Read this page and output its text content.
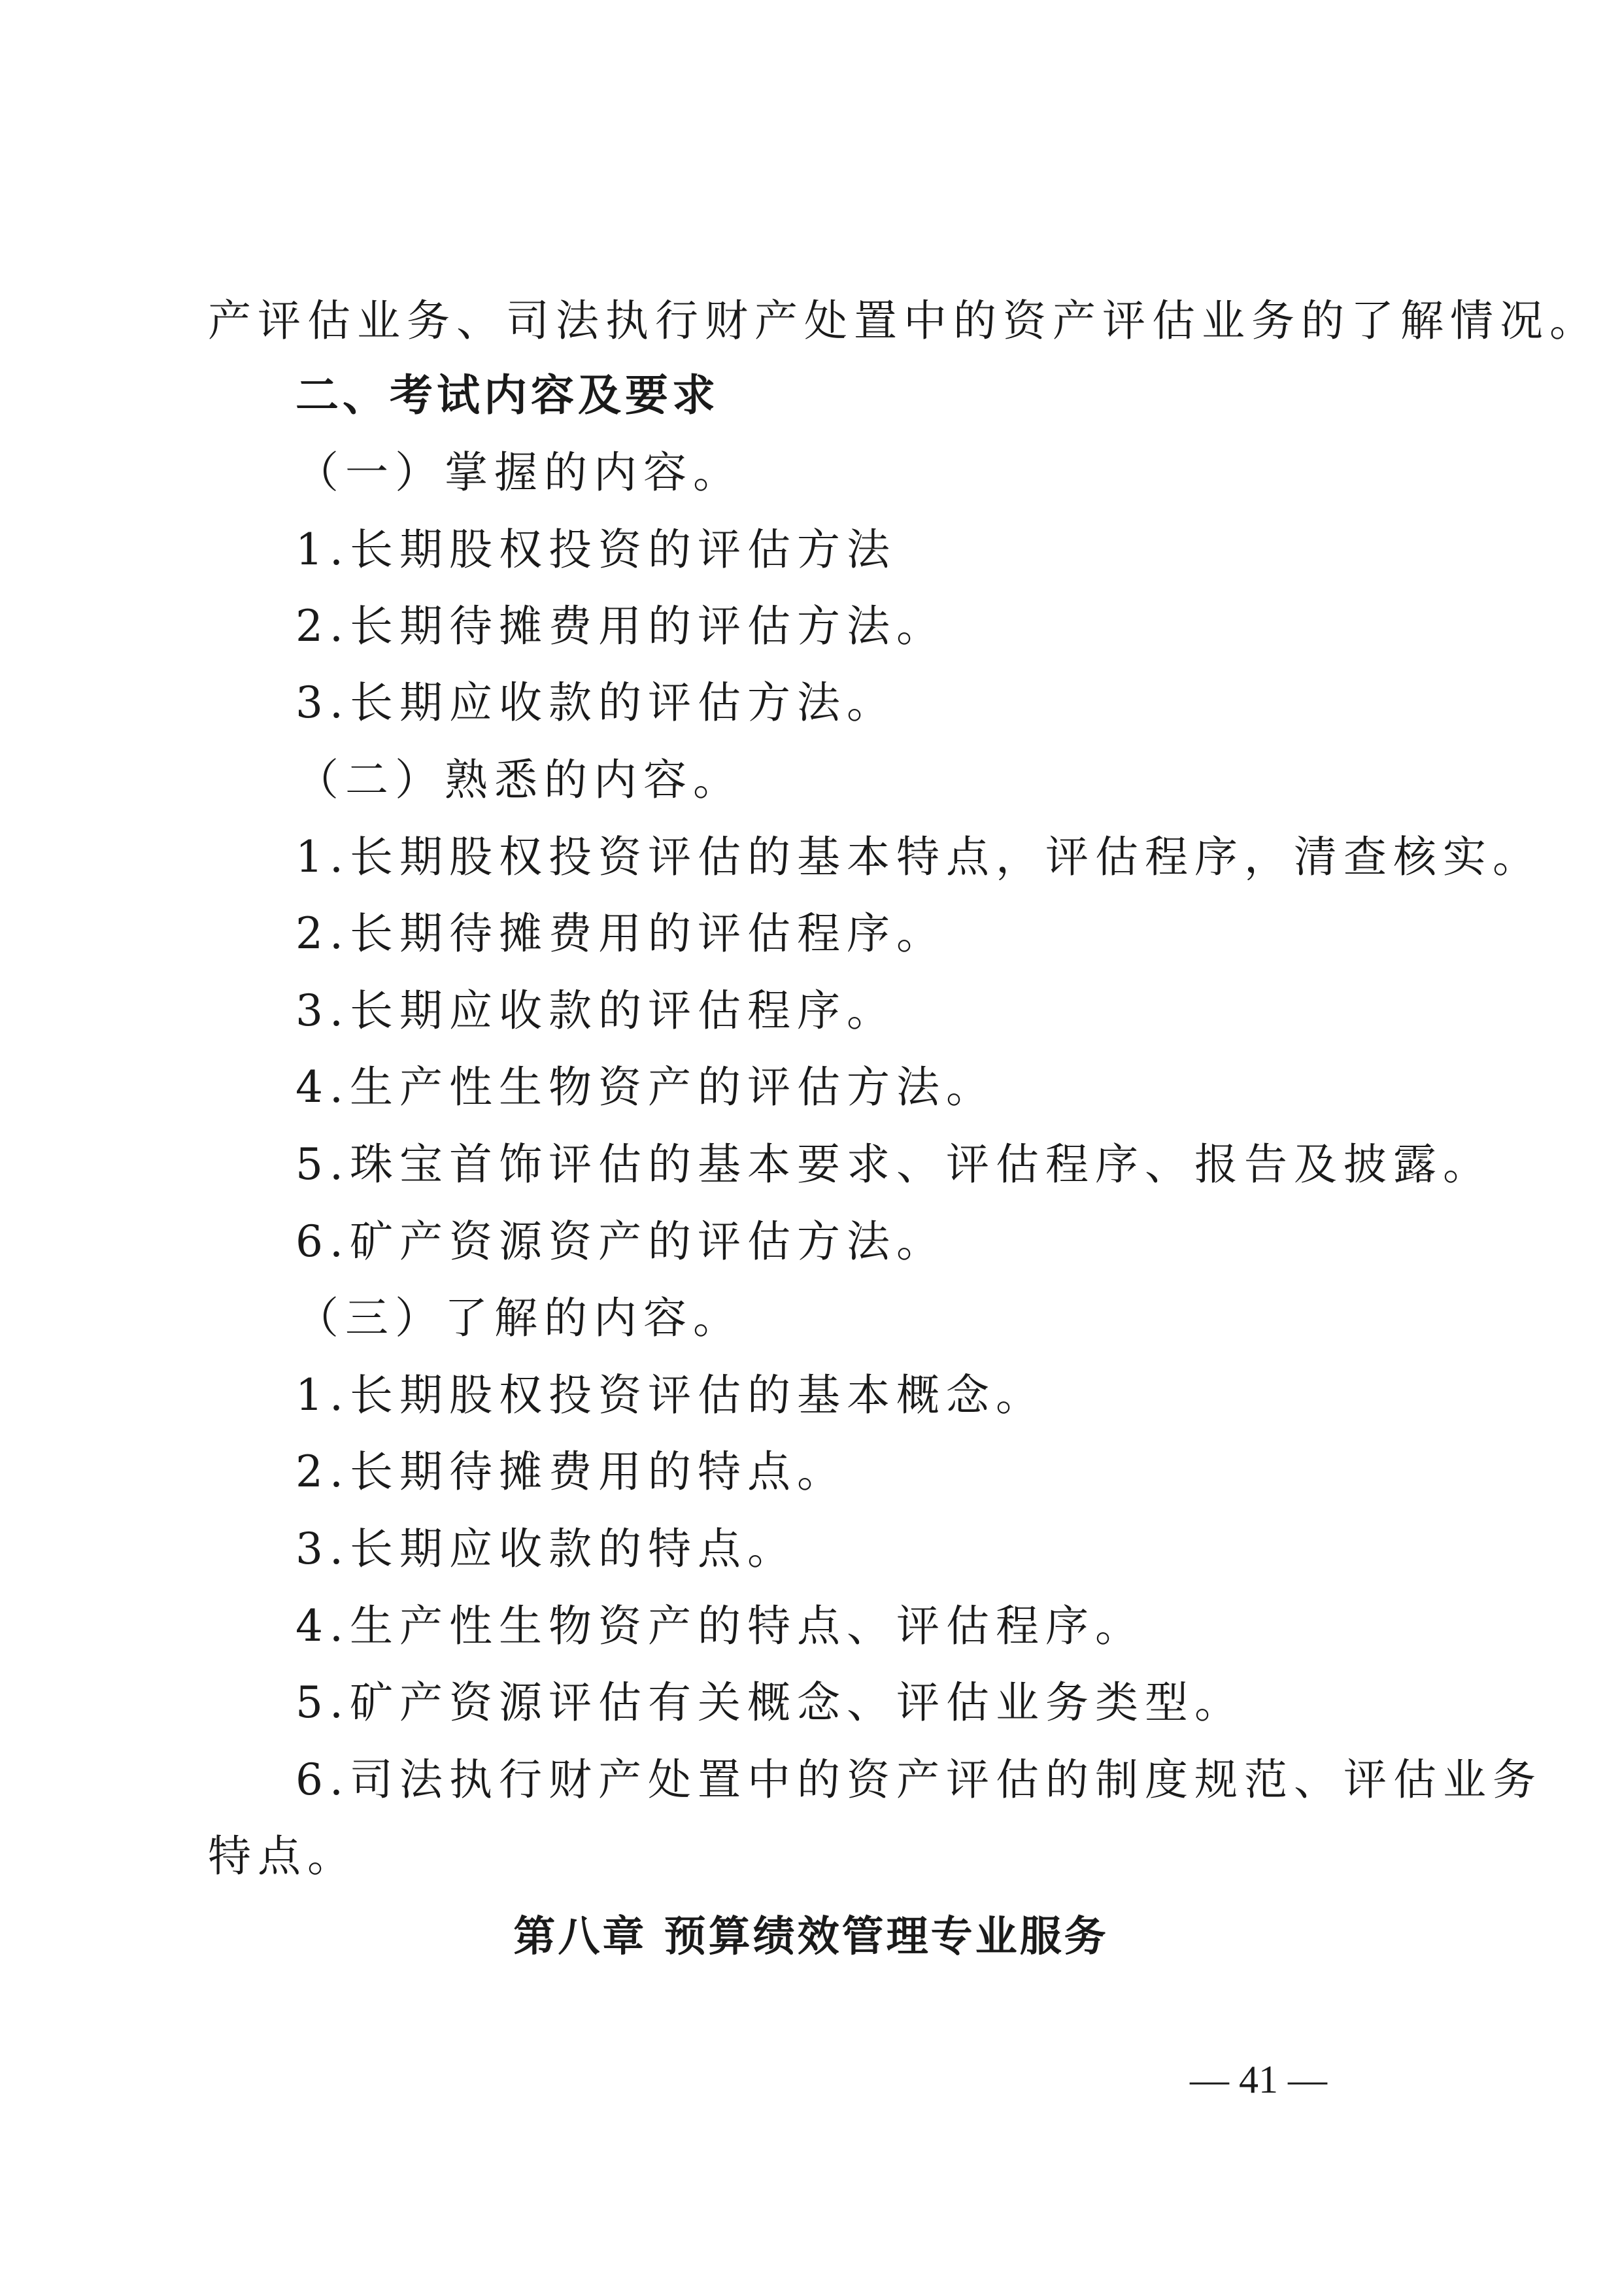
产评估业务、司法执行财产处置中的资产评估业务的了解情况。
二、考试内容及要求
（一）掌握的内容。
1.长期股权投资的评估方法
2.长期待摊费用的评估方法。
3.长期应收款的评估方法。
（二）熟悉的内容。
1.长期股权投资评估的基本特点，评估程序，清查核实。
2.长期待摊费用的评估程序。
3.长期应收款的评估程序。
4.生产性生物资产的评估方法。
5.珠宝首饰评估的基本要求、评估程序、报告及披露。
6.矿产资源资产的评估方法。
（三）了解的内容。
1.长期股权投资评估的基本概念。
2.长期待摊费用的特点。
3.长期应收款的特点。
4.生产性生物资产的特点、评估程序。
5.矿产资源评估有关概念、评估业务类型。
6.司法执行财产处置中的资产评估的制度规范、评估业务
特点。
第八章 预算绩效管理专业服务
— 41 —
